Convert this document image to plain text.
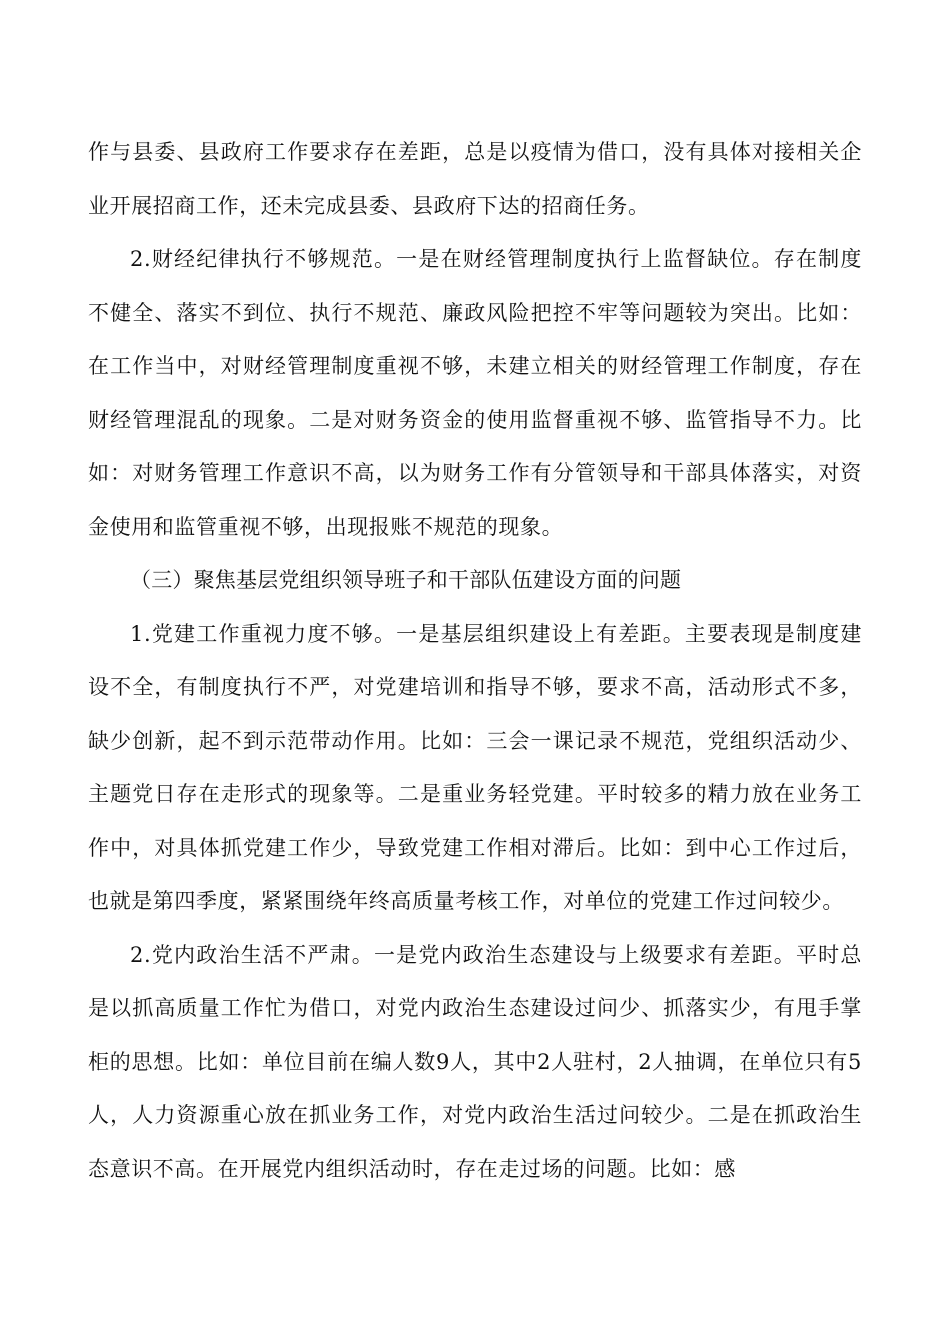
作与县委、县政府工作要求存在差距，总是以疫情为借口，没有具体对接相关企业开展招商工作，还未完成县委、县政府下达的招商任务。

2.财经纪律执行不够规范。一是在财经管理制度执行上监督缺位。存在制度不健全、落实不到位、执行不规范、廉政风险把控不牢等问题较为突出。比如：在工作当中，对财经管理制度重视不够，未建立相关的财经管理工作制度，存在财经管理混乱的现象。二是对财务资金的使用监督重视不够、监管指导不力。比如：对财务管理工作意识不高，以为财务工作有分管领导和干部具体落实，对资金使用和监管重视不够，出现报账不规范的现象。

（三）聚焦基层党组织领导班子和干部队伍建设方面的问题

1.党建工作重视力度不够。一是基层组织建设上有差距。主要表现是制度建设不全，有制度执行不严，对党建培训和指导不够，要求不高，活动形式不多，缺少创新，起不到示范带动作用。比如：三会一课记录不规范，党组织活动少、主题党日存在走形式的现象等。二是重业务轻党建。平时较多的精力放在业务工作中，对具体抓党建工作少，导致党建工作相对滞后。比如：到中心工作过后，也就是第四季度，紧紧围绕年终高质量考核工作，对单位的党建工作过问较少。

2.党内政治生活不严肃。一是党内政治生态建设与上级要求有差距。平时总是以抓高质量工作忙为借口，对党内政治生态建设过问少、抓落实少，有甩手掌柜的思想。比如：单位目前在编人数9人，其中2人驻村，2人抽调，在单位只有5人，人力资源重心放在抓业务工作，对党内政治生活过问较少。二是在抓政治生态意识不高。在开展党内组织活动时，存在走过场的问题。比如：感
